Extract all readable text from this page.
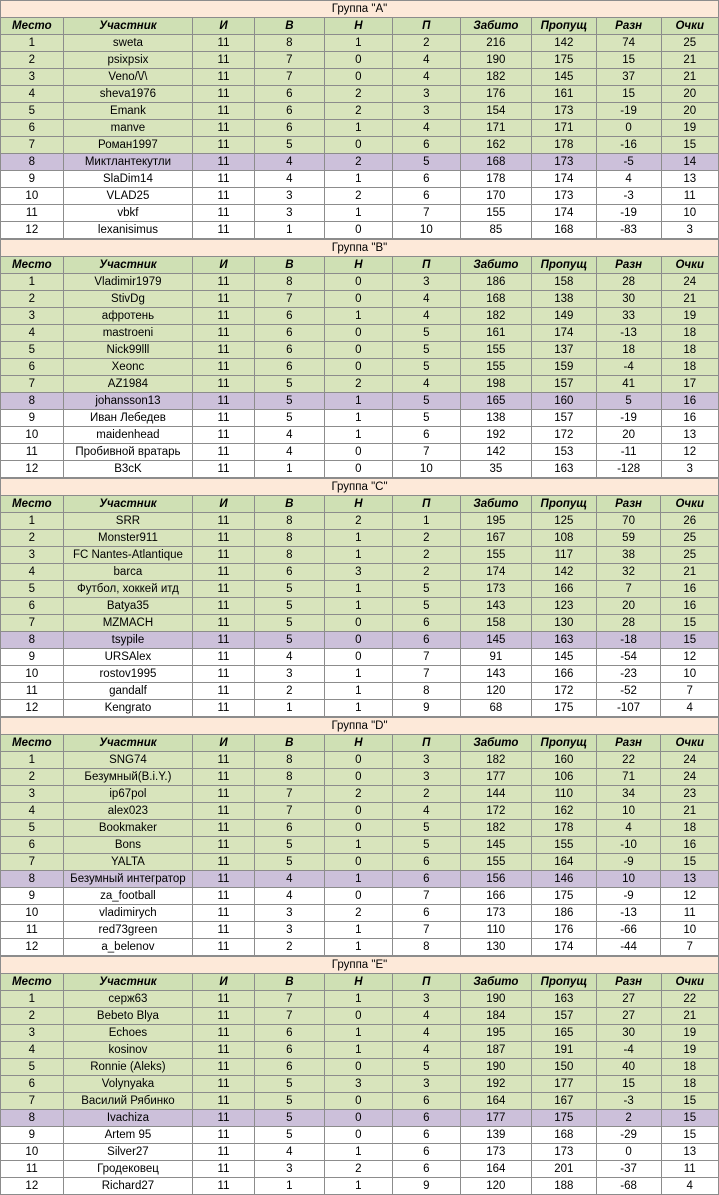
Группа "A"									
Место	Участник	И	В	Н	П	Забито	Пропущ	Разн	Очки
1	sweta	11	8	1	2	216	142	74	25
2	psixpsix	11	7	0	4	190	175	15	21
3	Veno/\/\	11	7	0	4	182	145	37	21
4	sheva1976	11	6	2	3	176	161	15	20
5	Emank	11	6	2	3	154	173	-19	20
6	manve	11	6	1	4	171	171	0	19
7	Роман1997	11	5	0	6	162	178	-16	15
8	Миктлантекутли	11	4	2	5	168	173	-5	14
9	SlaDim14	11	4	1	6	178	174	4	13
10	VLAD25	11	3	2	6	170	173	-3	11
11	vbkf	11	3	1	7	155	174	-19	10
12	lexanisimus	11	1	0	10	85	168	-83	3
Группа "B"									
Место	Участник	И	В	Н	П	Забито	Пропущ	Разн	Очки
1	Vladimir1979	11	8	0	3	186	158	28	24
2	StivDg	11	7	0	4	168	138	30	21
3	афротень	11	6	1	4	182	149	33	19
4	mastroeni	11	6	0	5	161	174	-13	18
5	Nick99lll	11	6	0	5	155	137	18	18
6	Xeonc	11	6	0	5	155	159	-4	18
7	AZ1984	11	5	2	4	198	157	41	17
8	johansson13	11	5	1	5	165	160	5	16
9	Иван Лебедев	11	5	1	5	138	157	-19	16
10	maidenhead	11	4	1	6	192	172	20	13
11	Пробивной вратарь	11	4	0	7	142	153	-11	12
12	B3cK	11	1	0	10	35	163	-128	3
Группа "C"									
Место	Участник	И	В	Н	П	Забито	Пропущ	Разн	Очки
1	SRR	11	8	2	1	195	125	70	26
2	Monster911	11	8	1	2	167	108	59	25
3	FC Nantes-Atlantique	11	8	1	2	155	117	38	25
4	barca	11	6	3	2	174	142	32	21
5	Футбол, хоккей итд	11	5	1	5	173	166	7	16
6	Batya35	11	5	1	5	143	123	20	16
7	MZMACH	11	5	0	6	158	130	28	15
8	tsypile	11	5	0	6	145	163	-18	15
9	URSAlex	11	4	0	7	91	145	-54	12
10	rostov1995	11	3	1	7	143	166	-23	10
11	gandalf	11	2	1	8	120	172	-52	7
12	Kengrato	11	1	1	9	68	175	-107	4
Группа "D"									
Место	Участник	И	В	Н	П	Забито	Пропущ	Разн	Очки
1	SNG74	11	8	0	3	182	160	22	24
2	Безумный(B.i.Y.)	11	8	0	3	177	106	71	24
3	ip67pol	11	7	2	2	144	110	34	23
4	alex023	11	7	0	4	172	162	10	21
5	Bookmaker	11	6	0	5	182	178	4	18
6	Bons	11	5	1	5	145	155	-10	16
7	YALTA	11	5	0	6	155	164	-9	15
8	Безумный интегратор	11	4	1	6	156	146	10	13
9	za_football	11	4	0	7	166	175	-9	12
10	vladimirych	11	3	2	6	173	186	-13	11
11	red73green	11	3	1	7	110	176	-66	10
12	a_belenov	11	2	1	8	130	174	-44	7
Группа "E"									
Место	Участник	И	В	Н	П	Забито	Пропущ	Разн	Очки
1	серж63	11	7	1	3	190	163	27	22
2	Bebeto Blya	11	7	0	4	184	157	27	21
3	Echoes	11	6	1	4	195	165	30	19
4	kosinov	11	6	1	4	187	191	-4	19
5	Ronnie (Aleks)	11	6	0	5	190	150	40	18
6	Volynyaka	11	5	3	3	192	177	15	18
7	Василий Рябинко	11	5	0	6	164	167	-3	15
8	Ivachiza	11	5	0	6	177	175	2	15
9	Artem 95	11	5	0	6	139	168	-29	15
10	Silver27	11	4	1	6	173	173	0	13
11	Гродековец	11	3	2	6	164	201	-37	11
12	Richard27	11	1	1	9	120	188	-68	4
